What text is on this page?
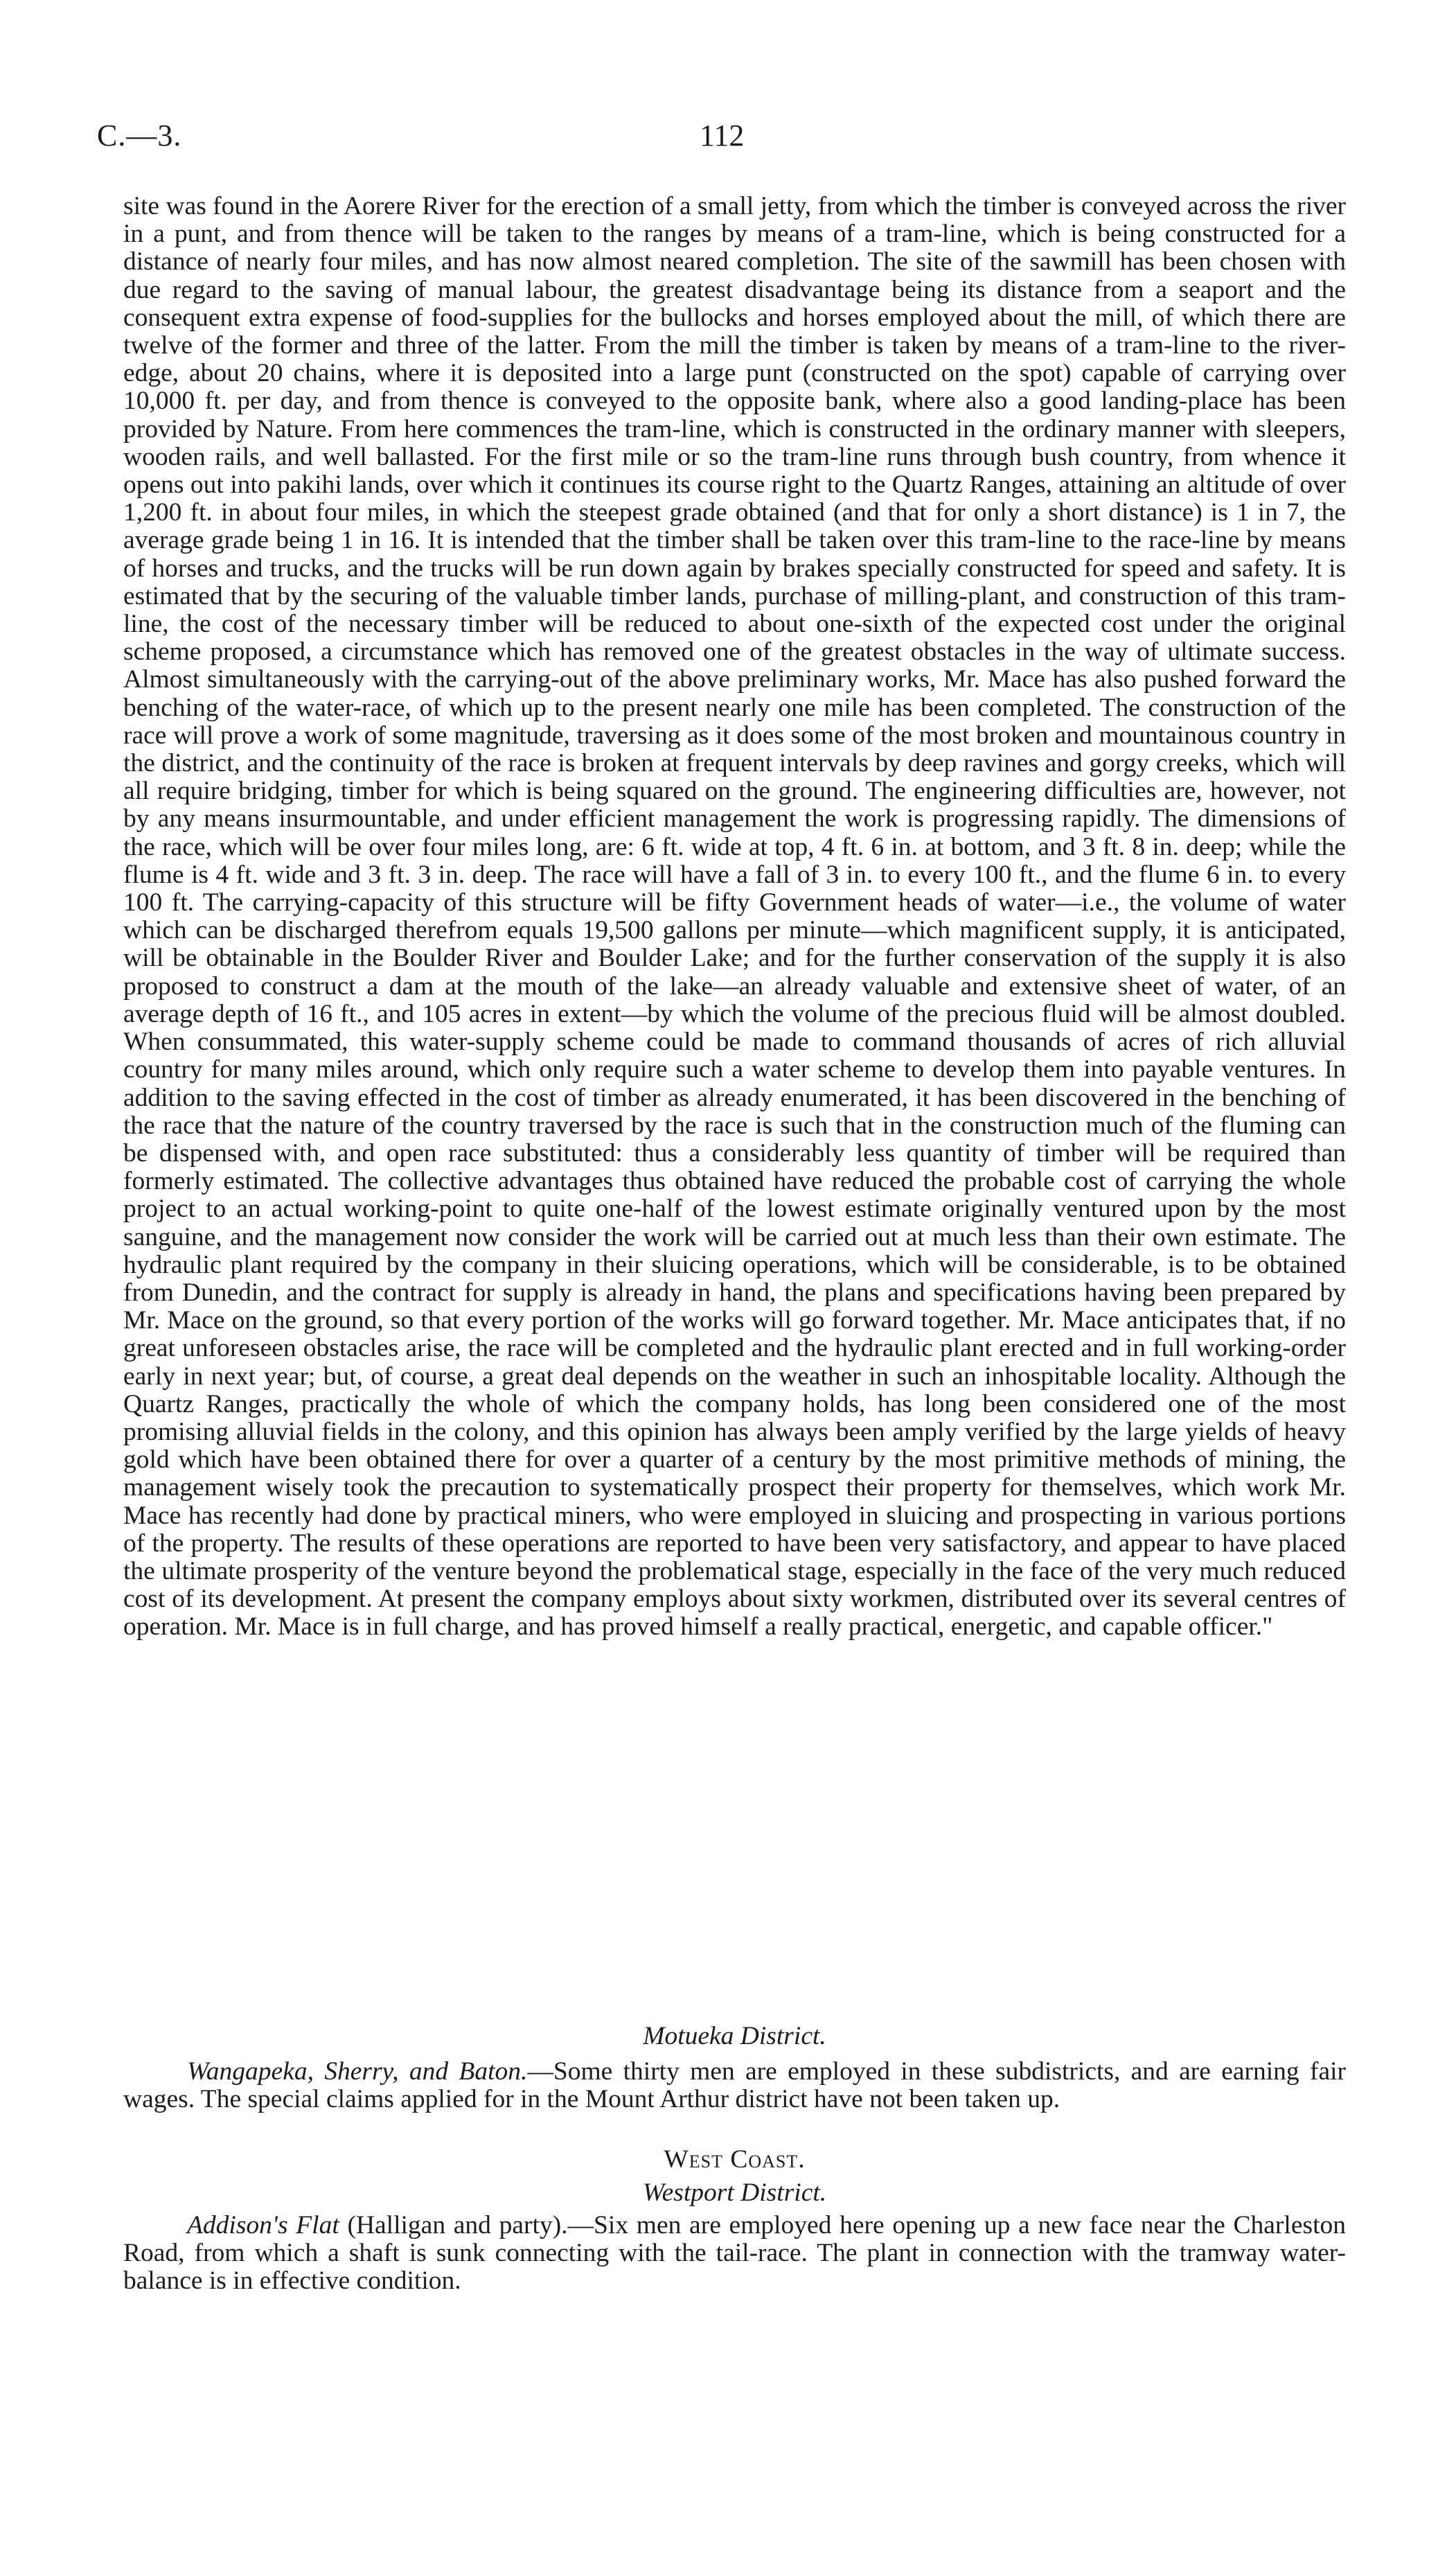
C.—3.	112

site was found in the Aorere River for the erection of a small jetty, from which the timber is conveyed across the river in a punt, and from thence will be taken to the ranges by means of a tram-line, which is being constructed for a distance of nearly four miles, and has now almost neared completion. The site of the sawmill has been chosen with due regard to the saving of manual labour, the greatest disadvantage being its distance from a seaport and the consequent extra expense of food-supplies for the bullocks and horses employed about the mill, of which there are twelve of the former and three of the latter. From the mill the timber is taken by means of a tram-line to the river-edge, about 20 chains, where it is deposited into a large punt (constructed on the spot) capable of carrying over 10,000 ft. per day, and from thence is conveyed to the opposite bank, where also a good landing-place has been provided by Nature. From here commences the tram-line, which is constructed in the ordinary manner with sleepers, wooden rails, and well ballasted. For the first mile or so the tram-line runs through bush country, from whence it opens out into pakihi lands, over which it continues its course right to the Quartz Ranges, attaining an altitude of over 1,200 ft. in about four miles, in which the steepest grade obtained (and that for only a short distance) is 1 in 7, the average grade being 1 in 16. It is intended that the timber shall be taken over this tram-line to the race-line by means of horses and trucks, and the trucks will be run down again by brakes specially constructed for speed and safety. It is estimated that by the securing of the valuable timber lands, purchase of milling-plant, and construction of this tram-line, the cost of the necessary timber will be reduced to about one-sixth of the expected cost under the original scheme proposed, a circumstance which has removed one of the greatest obstacles in the way of ultimate success. Almost simultaneously with the carrying-out of the above preliminary works, Mr. Mace has also pushed forward the benching of the water-race, of which up to the present nearly one mile has been completed. The construction of the race will prove a work of some magnitude, traversing as it does some of the most broken and mountainous country in the district, and the continuity of the race is broken at frequent intervals by deep ravines and gorgy creeks, which will all require bridging, timber for which is being squared on the ground. The engineering difficulties are, however, not by any means insurmountable, and under efficient management the work is progressing rapidly. The dimensions of the race, which will be over four miles long, are: 6 ft. wide at top, 4 ft. 6 in. at bottom, and 3 ft. 8 in. deep; while the flume is 4 ft. wide and 3 ft. 3 in. deep. The race will have a fall of 3 in. to every 100 ft., and the flume 6 in. to every 100 ft. The carrying-capacity of this structure will be fifty Government heads of water—i.e., the volume of water which can be discharged therefrom equals 19,500 gallons per minute—which magnificent supply, it is anticipated, will be obtainable in the Boulder River and Boulder Lake; and for the further conservation of the supply it is also proposed to construct a dam at the mouth of the lake—an already valuable and extensive sheet of water, of an average depth of 16 ft., and 105 acres in extent—by which the volume of the precious fluid will be almost doubled. When consummated, this water-supply scheme could be made to command thousands of acres of rich alluvial country for many miles around, which only require such a water scheme to develop them into payable ventures. In addition to the saving effected in the cost of timber as already enumerated, it has been discovered in the benching of the race that the nature of the country traversed by the race is such that in the construction much of the fluming can be dispensed with, and open race substituted: thus a considerably less quantity of timber will be required than formerly estimated. The collective advantages thus obtained have reduced the probable cost of carrying the whole project to an actual working-point to quite one-half of the lowest estimate originally ventured upon by the most sanguine, and the management now consider the work will be carried out at much less than their own estimate. The hydraulic plant required by the company in their sluicing operations, which will be considerable, is to be obtained from Dunedin, and the contract for supply is already in hand, the plans and specifications having been prepared by Mr. Mace on the ground, so that every portion of the works will go forward together. Mr. Mace anticipates that, if no great unforeseen obstacles arise, the race will be completed and the hydraulic plant erected and in full working-order early in next year; but, of course, a great deal depends on the weather in such an inhospitable locality. Although the Quartz Ranges, practically the whole of which the company holds, has long been considered one of the most promising alluvial fields in the colony, and this opinion has always been amply verified by the large yields of heavy gold which have been obtained there for over a quarter of a century by the most primitive methods of mining, the management wisely took the precaution to systematically prospect their property for themselves, which work Mr. Mace has recently had done by practical miners, who were employed in sluicing and prospecting in various portions of the property. The results of these operations are reported to have been very satisfactory, and appear to have placed the ultimate prosperity of the venture beyond the problematical stage, especially in the face of the very much reduced cost of its development. At present the company employs about sixty workmen, distributed over its several centres of operation. Mr. Mace is in full charge, and has proved himself a really practical, energetic, and capable officer."

Motueka District.

Wangapeka, Sherry, and Baton.—Some thirty men are employed in these subdistricts, and are earning fair wages. The special claims applied for in the Mount Arthur district have not been taken up.

West Coast.
Westport District.

Addison's Flat (Halligan and party).—Six men are employed here opening up a new face near the Charleston Road, from which a shaft is sunk connecting with the tail-race. The plant in connection with the tramway water-balance is in effective condition.
